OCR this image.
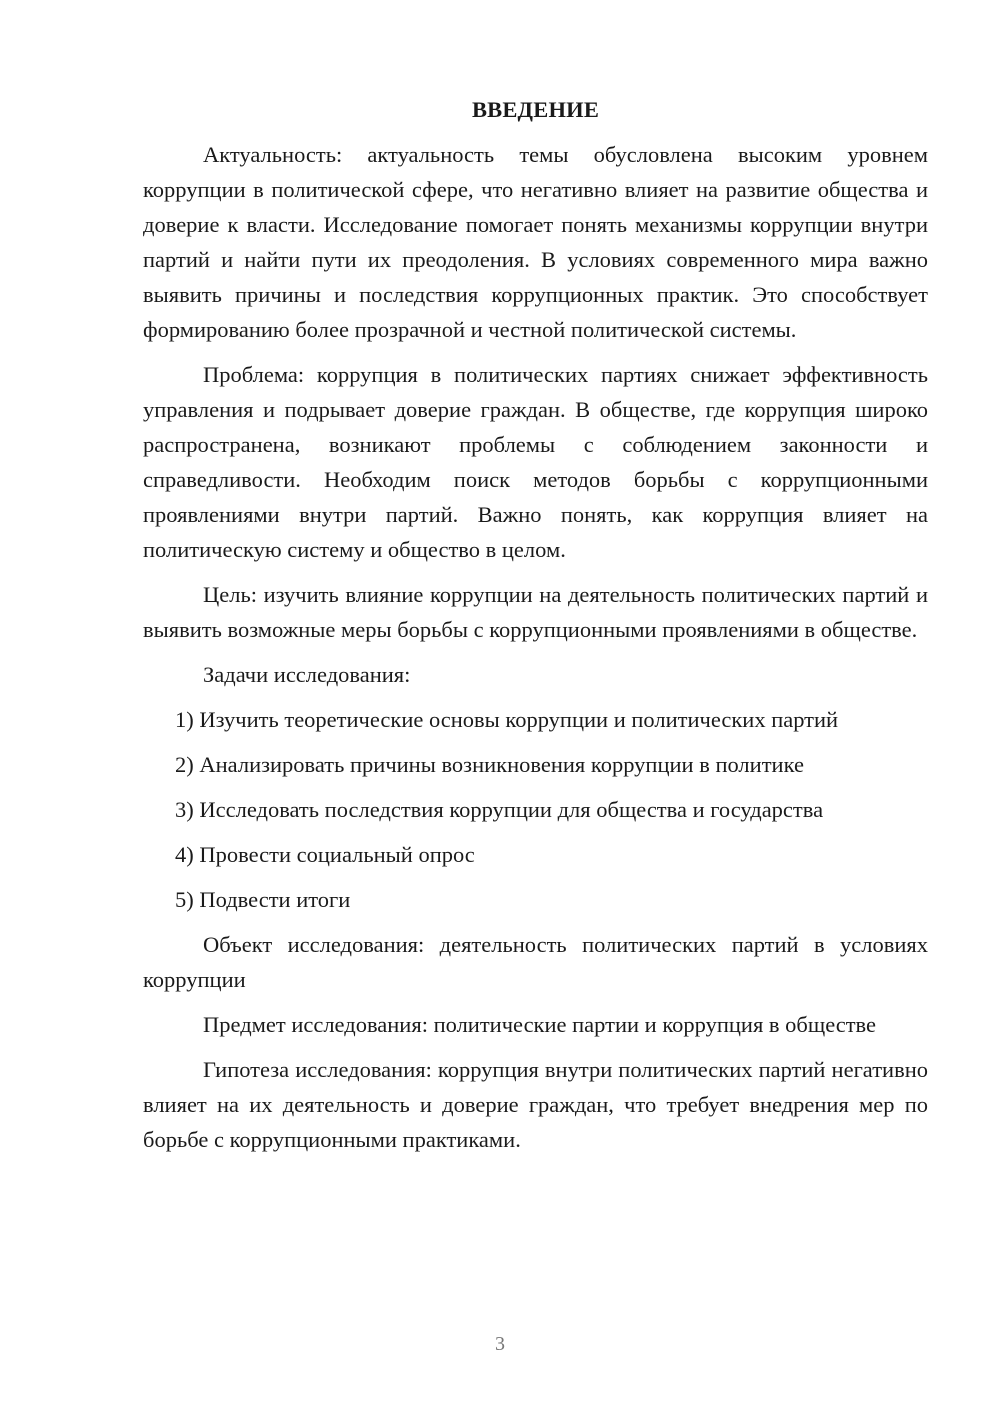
ВВЕДЕНИЕ
Актуальность: актуальность темы обусловлена высоким уровнем коррупции в политической сфере, что негативно влияет на развитие общества и доверие к власти. Исследование помогает понять механизмы коррупции внутри партий и найти пути их преодоления. В условиях современного мира важно выявить причины и последствия коррупционных практик. Это способствует формированию более прозрачной и честной политической системы.
Проблема: коррупция в политических партиях снижает эффективность управления и подрывает доверие граждан. В обществе, где коррупция широко распространена, возникают проблемы с соблюдением законности и справедливости. Необходим поиск методов борьбы с коррупционными проявлениями внутри партий. Важно понять, как коррупция влияет на политическую систему и общество в целом.
Цель: изучить влияние коррупции на деятельность политических партий и выявить возможные меры борьбы с коррупционными проявлениями в обществе.
Задачи исследования:
1) Изучить теоретические основы коррупции и политических партий
2) Анализировать причины возникновения коррупции в политике
3) Исследовать последствия коррупции для общества и государства
4) Провести социальный опрос
5) Подвести итоги
Объект исследования: деятельность политических партий в условиях коррупции
Предмет исследования: политические партии и коррупция в обществе
Гипотеза исследования: коррупция внутри политических партий негативно влияет на их деятельность и доверие граждан, что требует внедрения мер по борьбе с коррупционными практиками.
3
